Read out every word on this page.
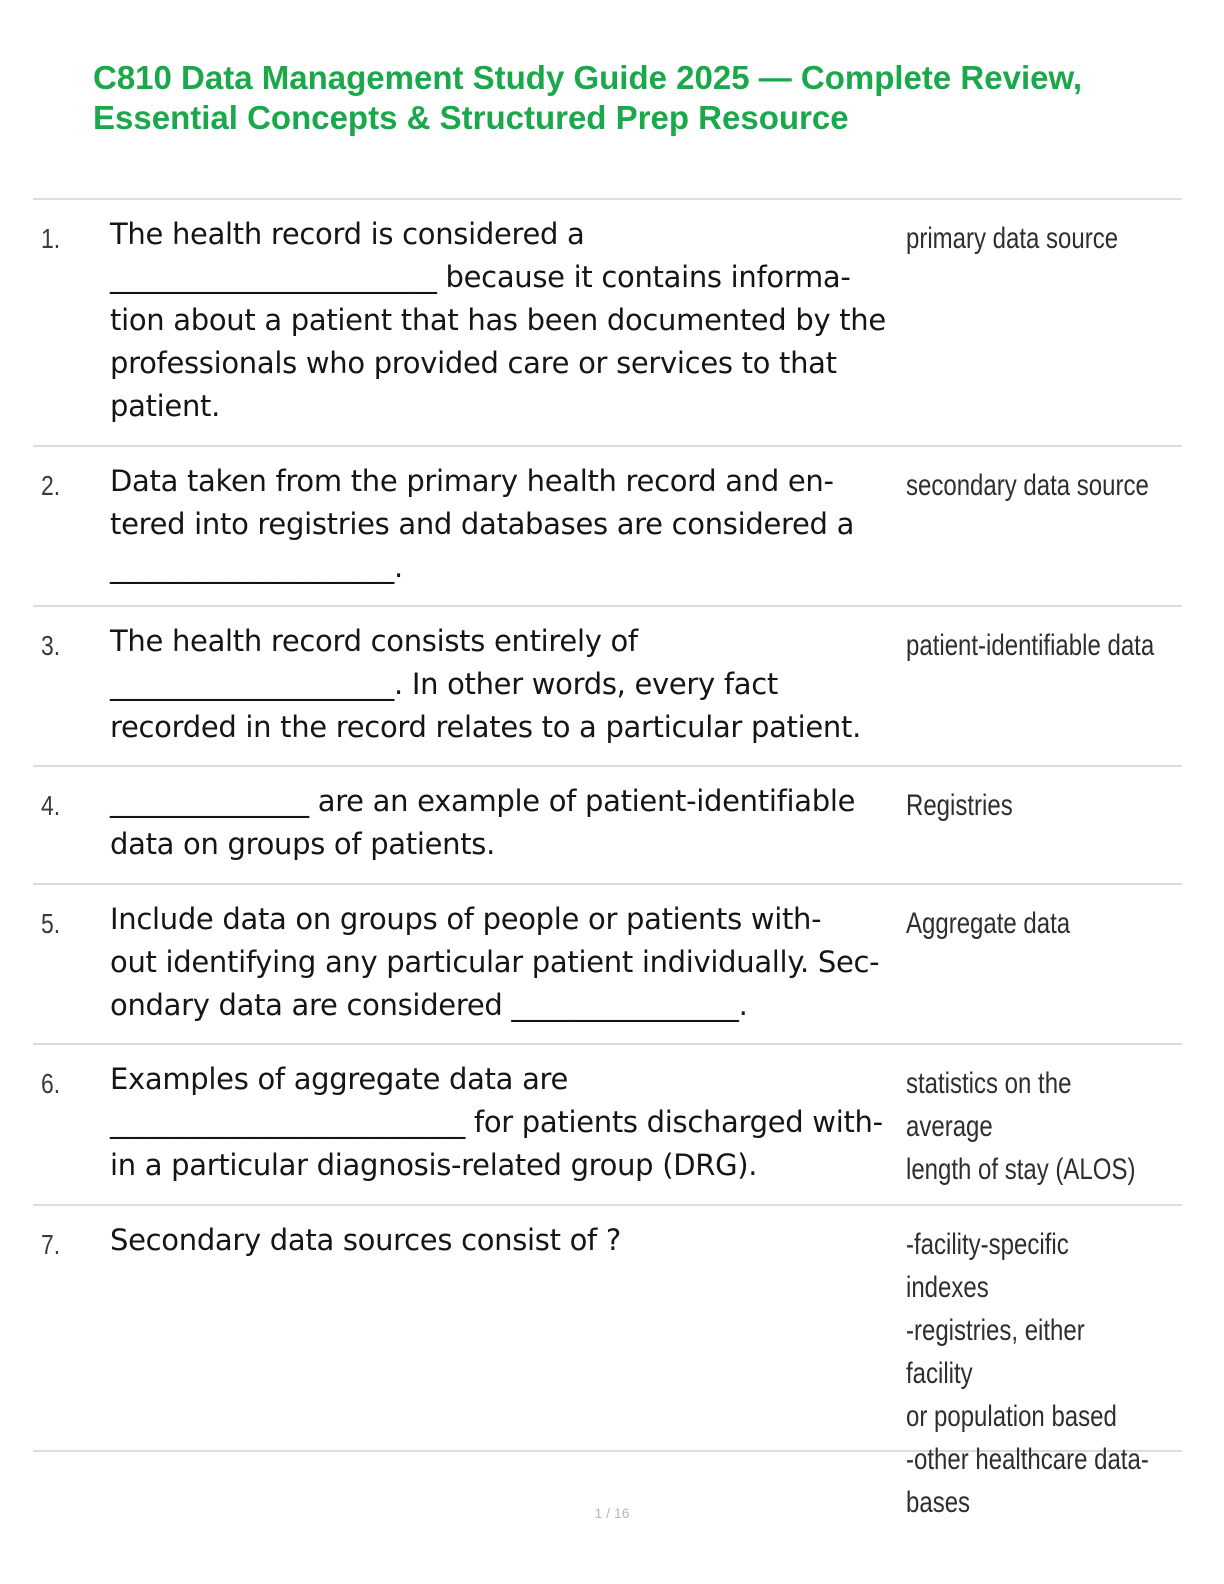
C810 Data Management Study Guide 2025 — Complete Review, Essential Concepts & Structured Prep Resource
1. The health record is considered a
_______________________ because it contains informa-
tion about a patient that has been documented by the
professionals who provided care or services to that
patient.
primary data source
2. Data taken from the primary health record and en-
tered into registries and databases are considered a
____________________.
secondary data source
3. The health record consists entirely of
____________________. In other words, every fact
recorded in the record relates to a particular patient.
patient-identifiable data
4. ______________ are an example of patient-identifiable
data on groups of patients.
Registries
5. Include data on groups of people or patients with-
out identifying any particular patient individually. Sec-
ondary data are considered ________________.
Aggregate data
6. Examples of aggregate data are
_________________________ for patients discharged with-
in a particular diagnosis-related group (DRG).
statistics on the average
length of stay (ALOS)
7. Secondary data sources consist of ?	-facility-specific indexes
-registries, either facility
or population based
-other healthcare data-
bases
1 / 16
